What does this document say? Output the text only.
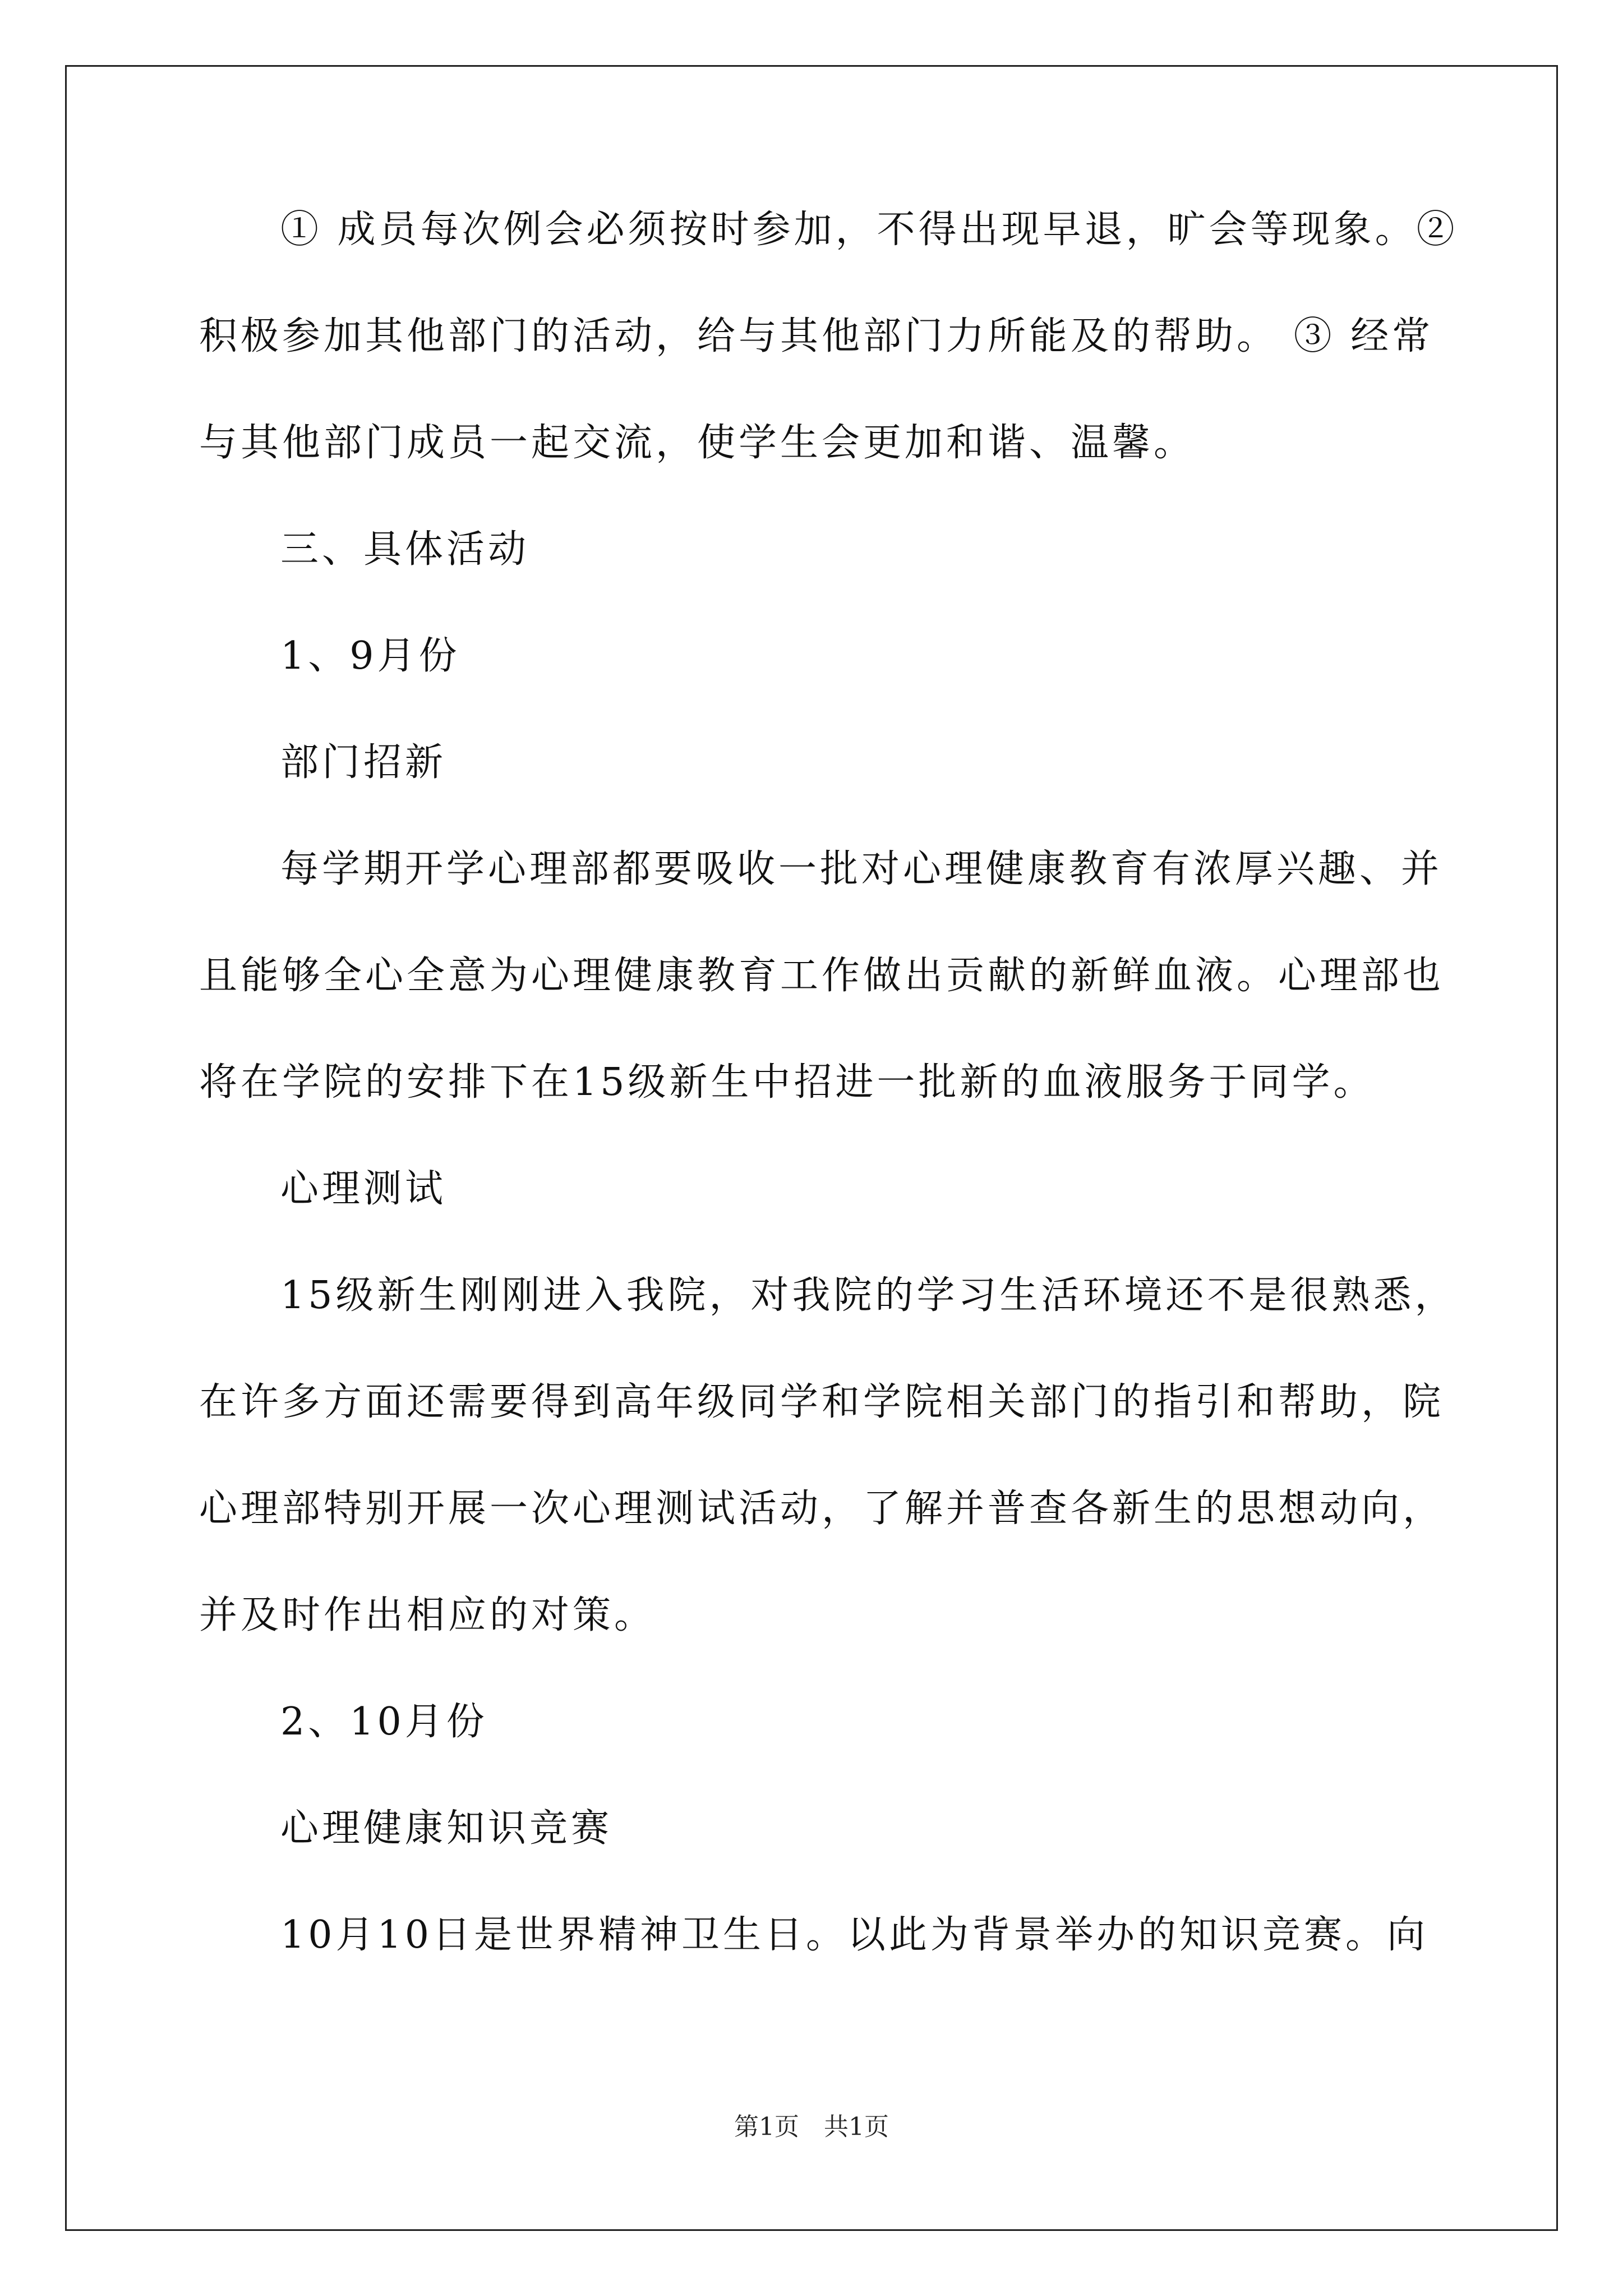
① 成员每次例会必须按时参加，不得出现早退，旷会等现象。②
积极参加其他部门的活动，给与其他部门力所能及的帮助。 ③ 经常
与其他部门成员一起交流，使学生会更加和谐、温馨。
三、具体活动
1、9月份
部门招新
每学期开学心理部都要吸收一批对心理健康教育有浓厚兴趣、并
且能够全心全意为心理健康教育工作做出贡献的新鲜血液。心理部也
将在学院的安排下在15级新生中招进一批新的血液服务于同学。
心理测试
15级新生刚刚进入我院，对我院的学习生活环境还不是很熟悉，
在许多方面还需要得到高年级同学和学院相关部门的指引和帮助，院
心理部特别开展一次心理测试活动，了解并普查各新生的思想动向，
并及时作出相应的对策。
2、10月份
心理健康知识竞赛
10月10日是世界精神卫生日。以此为背景举办的知识竞赛。向
第1页　共1页
